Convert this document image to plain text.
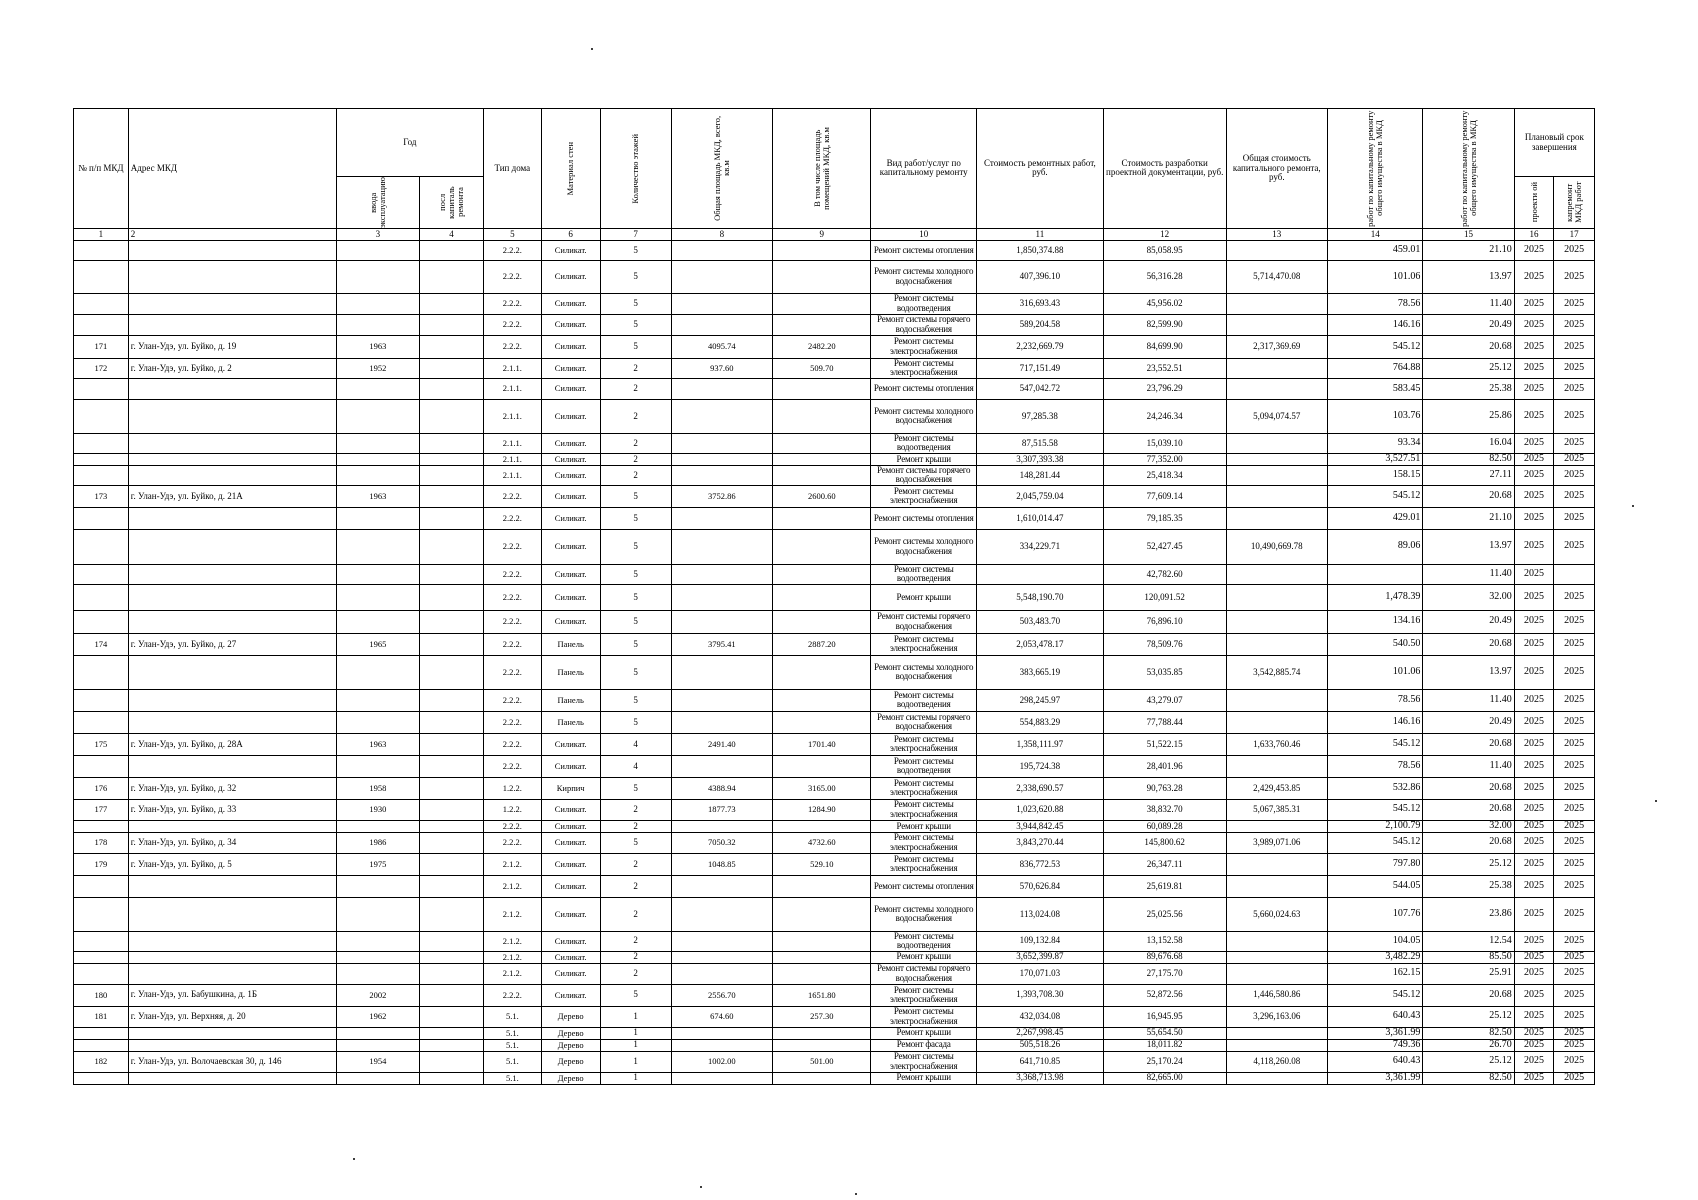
№ п/п МКД	Адрес МКД	Год		Тип дома	Материал стен	Количество этажей	Общая площадь МКД, всего, кв.м	В том числе площадь помещений МКД, кв.м	Вид работ/услуг по капитальному ремонту	Стоимость ремонтных работ, руб.	Стоимость разработки проектной документации, руб.	Общая стоимость капитального ремонта, руб.	работ по капитальному ремонту общего имущества в МКД	работ по капитальному ремонту общего имущества в МКД	Плановый срок завершения	

		ввода эксплуатацию	посл капиталь ремонта												проекти ой	капремонт МКД работ

1	2	3	4	5	6	7	8	9	10	11	12	13	14	15	16	17
				2.2.2.	Силикат.	5			Ремонт системы отопления	1,850,374.88	85,058.95		459.01	21.10	2025	2025
				2.2.2.	Силикат.	5			Ремонт системы холодного водоснабжения	407,396.10	56,316.28	5,714,470.08	101.06	13.97	2025	2025
				2.2.2.	Силикат.	5			Ремонт системы водоотведения	316,693.43	45,956.02		78.56	11.40	2025	2025
				2.2.2.	Силикат.	5			Ремонт системы горячего водоснабжения	589,204.58	82,599.90		146.16	20.49	2025	2025
171	г. Улан-Удэ, ул. Буйко, д. 19	1963		2.2.2.	Силикат.	5	4095.74	2482.20	Ремонт системы электроснабжения	2,232,669.79	84,699.90	2,317,369.69	545.12	20.68	2025	2025
172	г. Улан-Удэ, ул. Буйко, д. 2	1952		2.1.1.	Силикат.	2	937.60	509.70	Ремонт системы электроснабжения	717,151.49	23,552.51		764.88	25.12	2025	2025
				2.1.1.	Силикат.	2			Ремонт системы отопления	547,042.72	23,796.29		583.45	25.38	2025	2025
				2.1.1.	Силикат.	2			Ремонт системы холодного водоснабжения	97,285.38	24,246.34	5,094,074.57	103.76	25.86	2025	2025
				2.1.1.	Силикат.	2			Ремонт системы водоотведения	87,515.58	15,039.10		93.34	16.04	2025	2025
				2.1.1.	Силикат.	2			Ремонт крыши	3,307,393.38	77,352.00		3,527.51	82.50	2025	2025
				2.1.1.	Силикат.	2			Ремонт системы горячего водоснабжения	148,281.44	25,418.34		158.15	27.11	2025	2025
173	г. Улан-Удэ, ул. Буйко, д. 21А	1963		2.2.2.	Силикат.	5	3752.86	2600.60	Ремонт системы электроснабжения	2,045,759.04	77,609.14		545.12	20.68	2025	2025
				2.2.2.	Силикат.	5			Ремонт системы отопления	1,610,014.47	79,185.35		429.01	21.10	2025	2025
				2.2.2.	Силикат.	5			Ремонт системы холодного водоснабжения	334,229.71	52,427.45	10,490,669.78	89.06	13.97	2025	2025
				2.2.2.	Силикат.	5			Ремонт системы водоотведения		42,782.60			11.40	2025	
				2.2.2.	Силикат.	5			Ремонт крыши	5,548,190.70	120,091.52		1,478.39	32.00	2025	2025
				2.2.2.	Силикат.	5			Ремонт системы горячего водоснабжения	503,483.70	76,896.10		134.16	20.49	2025	2025
174	г. Улан-Удэ, ул. Буйко, д. 27	1965		2.2.2.	Панель	5	3795.41	2887.20	Ремонт системы электроснабжения	2,053,478.17	78,509.76		540.50	20.68	2025	2025
				2.2.2.	Панель	5			Ремонт системы холодного водоснабжения	383,665.19	53,035.85	3,542,885.74	101.06	13.97	2025	2025
				2.2.2.	Панель	5			Ремонт системы водоотведения	298,245.97	43,279.07		78.56	11.40	2025	2025
				2.2.2.	Панель	5			Ремонт системы горячего водоснабжения	554,883.29	77,788.44		146.16	20.49	2025	2025
175	г. Улан-Удэ, ул. Буйко, д. 28А	1963		2.2.2.	Силикат.	4	2491.40	1701.40	Ремонт системы электроснабжения	1,358,111.97	51,522.15	1,633,760.46	545.12	20.68	2025	2025
				2.2.2.	Силикат.	4			Ремонт системы водоотведения	195,724.38	28,401.96		78.56	11.40	2025	2025
176	г. Улан-Удэ, ул. Буйко, д. 32	1958		1.2.2.	Кирпич	5	4388.94	3165.00	Ремонт системы электроснабжения	2,338,690.57	90,763.28	2,429,453.85	532.86	20.68	2025	2025
177	г. Улан-Удэ, ул. Буйко, д. 33	1930		1.2.2.	Силикат.	2	1877.73	1284.90	Ремонт системы электроснабжения	1,023,620.88	38,832.70	5,067,385.31	545.12	20.68	2025	2025
				2.2.2.	Силикат.	2			Ремонт крыши	3,944,842.45	60,089.28		2,100.79	32.00	2025	2025
178	г. Улан-Удэ, ул. Буйко, д. 34	1986		2.2.2.	Силикат.	5	7050.32	4732.60	Ремонт системы электроснабжения	3,843,270.44	145,800.62	3,989,071.06	545.12	20.68	2025	2025
179	г. Улан-Удэ, ул. Буйко, д. 5	1975		2.1.2.	Силикат.	2	1048.85	529.10	Ремонт системы электроснабжения	836,772.53	26,347.11		797.80	25.12	2025	2025
				2.1.2.	Силикат.	2			Ремонт системы отопления	570,626.84	25,619.81		544.05	25.38	2025	2025
				2.1.2.	Силикат.	2			Ремонт системы холодного водоснабжения	113,024.08	25,025.56	5,660,024.63	107.76	23.86	2025	2025
				2.1.2.	Силикат.	2			Ремонт системы водоотведения	109,132.84	13,152.58		104.05	12.54	2025	2025
				2.1.2.	Силикат.	2			Ремонт крыши	3,652,399.87	89,676.68		3,482.29	85.50	2025	2025
				2.1.2.	Силикат.	2			Ремонт системы горячего водоснабжения	170,071.03	27,175.70		162.15	25.91	2025	2025
180	г. Улан-Удэ, ул. Бабушкина, д. 1Б	2002		2.2.2.	Силикат.	5	2556.70	1651.80	Ремонт системы электроснабжения	1,393,708.30	52,872.56	1,446,580.86	545.12	20.68	2025	2025
181	г. Улан-Удэ, ул. Верхняя, д. 20	1962		5.1.	Дерево	1	674.60	257.30	Ремонт системы электроснабжения	432,034.08	16,945.95	3,296,163.06	640.43	25.12	2025	2025
				5.1.	Дерево	1			Ремонт крыши	2,267,998.45	55,654.50		3,361.99	82.50	2025	2025
				5.1.	Дерево	1			Ремонт фасада	505,518.26	18,011.82		749.36	26.70	2025	2025
182	г. Улан-Удэ, ул. Волочаевская 30, д. 146	1954		5.1.	Дерево	1	1002.00	501.00	Ремонт системы электроснабжения	641,710.85	25,170.24	4,118,260.08	640.43	25.12	2025	2025
				5.1.	Дерево	1			Ремонт крыши	3,368,713.98	82,665.00		3,361.99	82.50	2025	2025
